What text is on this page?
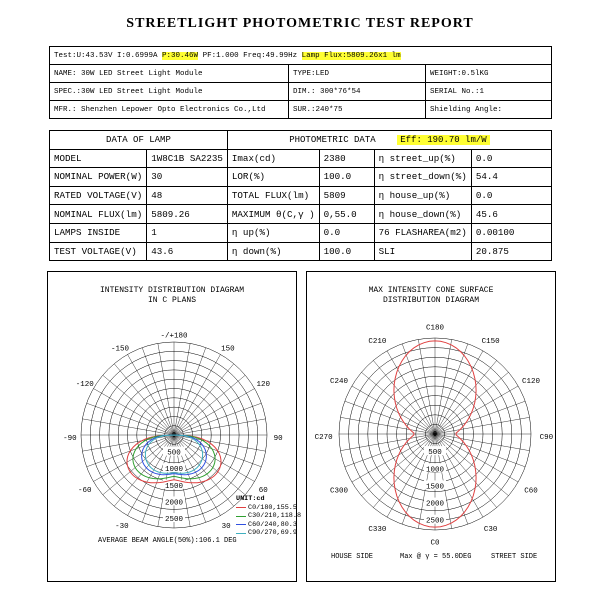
STREETLIGHT PHOTOMETRIC TEST REPORT
Test:U:43.53V I:0.6999A P:30.46W PF:1.000 Freq:49.99Hz Lamp Flux:5809.26x1 lm		
NAME: 30W LED Street Light Module	TYPE:LED	WEIGHT:0.5lKG
SPEC.:30W LED Street Light Module	DIM.: 300*76*54	SERIAL No.:1
MFR.: Shenzhen Lepower Opto Electronics Co.,Ltd	SUR.:240*75	Shielding Angle:
DATA OF LAMP		PHOTOMETRIC DATA Eff: 190.70 lm/W			
MODEL	1W8C1B SA2235	Imax(cd)	2380	η street_up(%)	0.0
NOMINAL POWER(W)	30	LOR(%)	100.0	η street_down(%)	54.4
RATED VOLTAGE(V)	48	TOTAL FLUX(lm)	5809	η house_up(%)	0.0
NOMINAL FLUX(lm)	5809.26	MAXIMUM θ(C,γ )	0,55.0	η house_down(%)	45.6
LAMPS INSIDE	1	η up(%)	0.0	76 FLASHAREA(m2)	0.00100
TEST VOLTAGE(V)	43.6	η down(%)	100.0	SLI	20.875
INTENSITY DISTRIBUTION DIAGRAM
IN C PLANS
500
1000
1500
2000
2500
0
-/+180
-150	150
-120	120
-90	90
-60	60
-30	30
UNIT:cd
C0/180,155.5
C30/210,118.8
C60/240,80.3
C90/270,69.9
AVERAGE BEAM ANGLE(50%):106.1 DEG
MAX INTENSITY CONE SURFACE
DISTRIBUTION DIAGRAM
500
1000
1500
2000
2500
0
C180
C150
C210
C120
C240
C90
C270
C60
C300
C30
C330
C0
HOUSE SIDE	Max @ γ = 55.0DEG	STREET SIDE
